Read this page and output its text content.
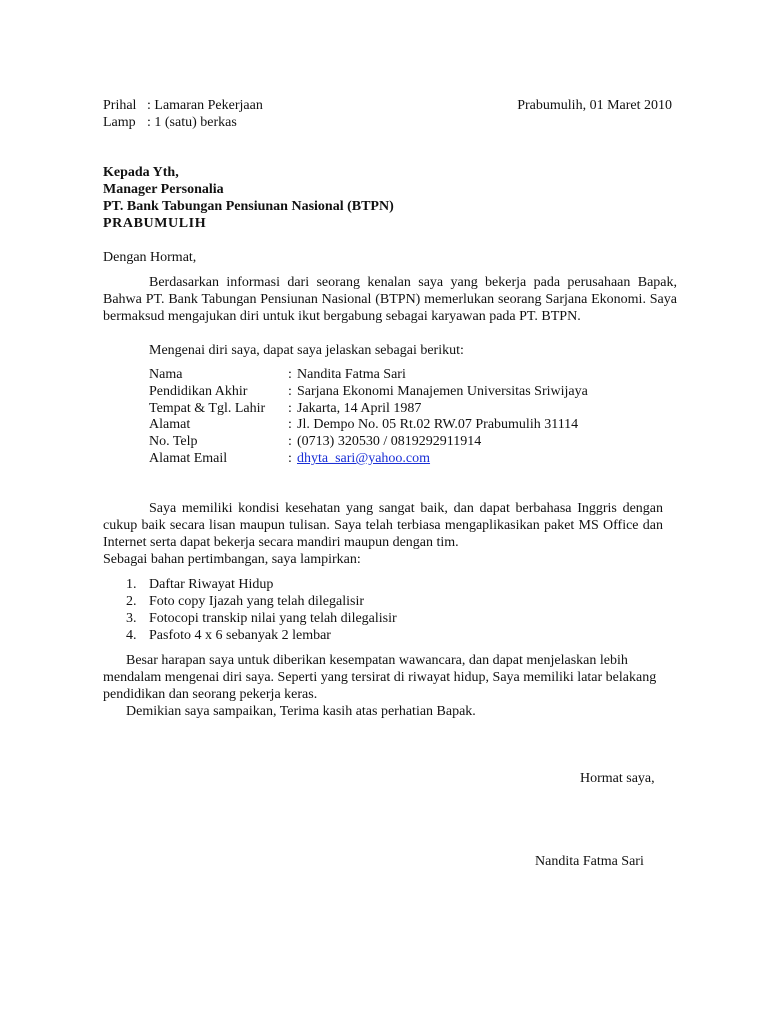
Prihal : Lamaran Pekerjaan
Lamp : 1 (satu) berkas
Prabumulih, 01 Maret 2010
Kepada Yth,
Manager Personalia
PT. Bank Tabungan Pensiunan Nasional (BTPN)
PRABUMULIH
Dengan Hormat,
Berdasarkan informasi dari seorang kenalan saya yang bekerja pada perusahaan Bapak, Bahwa PT. Bank Tabungan Pensiunan Nasional (BTPN) memerlukan seorang Sarjana Ekonomi. Saya bermaksud mengajukan diri untuk ikut bergabung sebagai karyawan pada PT. BTPN.
Mengenai diri saya, dapat saya jelaskan sebagai berikut:
Nama	: Nandita Fatma Sari
Pendidikan Akhir	: Sarjana Ekonomi Manajemen Universitas Sriwijaya
Tempat & Tgl. Lahir : Jakarta, 14 April 1987
Alamat	: Jl. Dempo No. 05 Rt.02 RW.07 Prabumulih 31114
No. Telp	: (0713) 320530 / 0819292911914
Alamat Email	: dhyta_sari@yahoo.com
Saya memiliki kondisi kesehatan yang sangat baik, dan dapat berbahasa Inggris dengan cukup baik secara lisan maupun tulisan. Saya telah terbiasa mengaplikasikan paket MS Office dan Internet serta dapat bekerja secara mandiri maupun dengan tim.
Sebagai bahan pertimbangan, saya lampirkan:
1. Daftar Riwayat Hidup
2. Foto copy Ijazah yang telah dilegalisir
3. Fotocopi transkip nilai yang telah dilegalisir
4. Pasfoto 4 x 6 sebanyak 2 lembar
Besar harapan saya untuk diberikan kesempatan wawancara, dan dapat menjelaskan lebih mendalam mengenai diri saya. Seperti yang tersirat di riwayat hidup, Saya memiliki latar belakang pendidikan dan seorang pekerja keras.
Demikian saya sampaikan, Terima kasih atas perhatian Bapak.
Hormat saya,
Nandita Fatma Sari
